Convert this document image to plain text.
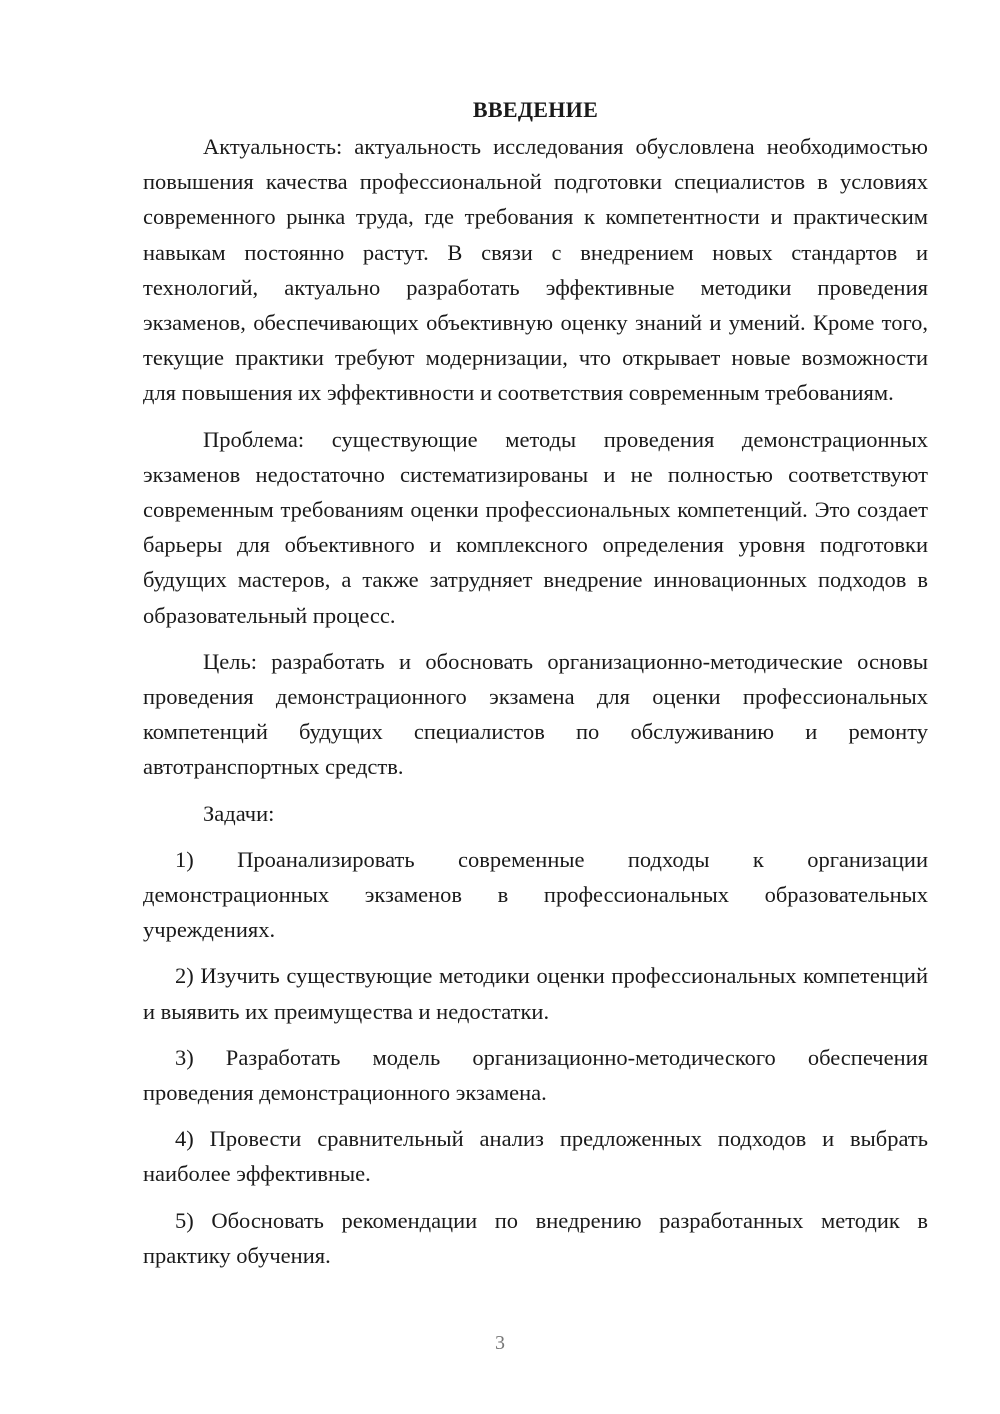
ВВЕДЕНИЕ

Актуальность: актуальность исследования обусловлена необходимостью повышения качества профессиональной подготовки специалистов в условиях современного рынка труда, где требования к компетентности и практическим навыкам постоянно растут. В связи с внедрением новых стандартов и технологий, актуально разработать эффективные методики проведения экзаменов, обеспечивающих объективную оценку знаний и умений. Кроме того, текущие практики требуют модернизации, что открывает новые возможности для повышения их эффективности и соответствия современным требованиям.

Проблема: существующие методы проведения демонстрационных экзаменов недостаточно систематизированы и не полностью соответствуют современным требованиям оценки профессиональных компетенций. Это создает барьеры для объективного и комплексного определения уровня подготовки будущих мастеров, а также затрудняет внедрение инновационных подходов в образовательный процесс.

Цель: разработать и обосновать организационно-методические основы проведения демонстрационного экзамена для оценки профессиональных компетенций будущих специалистов по обслуживанию и ремонту автотранспортных средств.

Задачи:

1) Проанализировать современные подходы к организации демонстрационных экзаменов в профессиональных образовательных учреждениях.

2) Изучить существующие методики оценки профессиональных компетенций и выявить их преимущества и недостатки.

3) Разработать модель организационно-методического обеспечения проведения демонстрационного экзамена.

4) Провести сравнительный анализ предложенных подходов и выбрать наиболее эффективные.

5) Обосновать рекомендации по внедрению разработанных методик в практику обучения.

3
